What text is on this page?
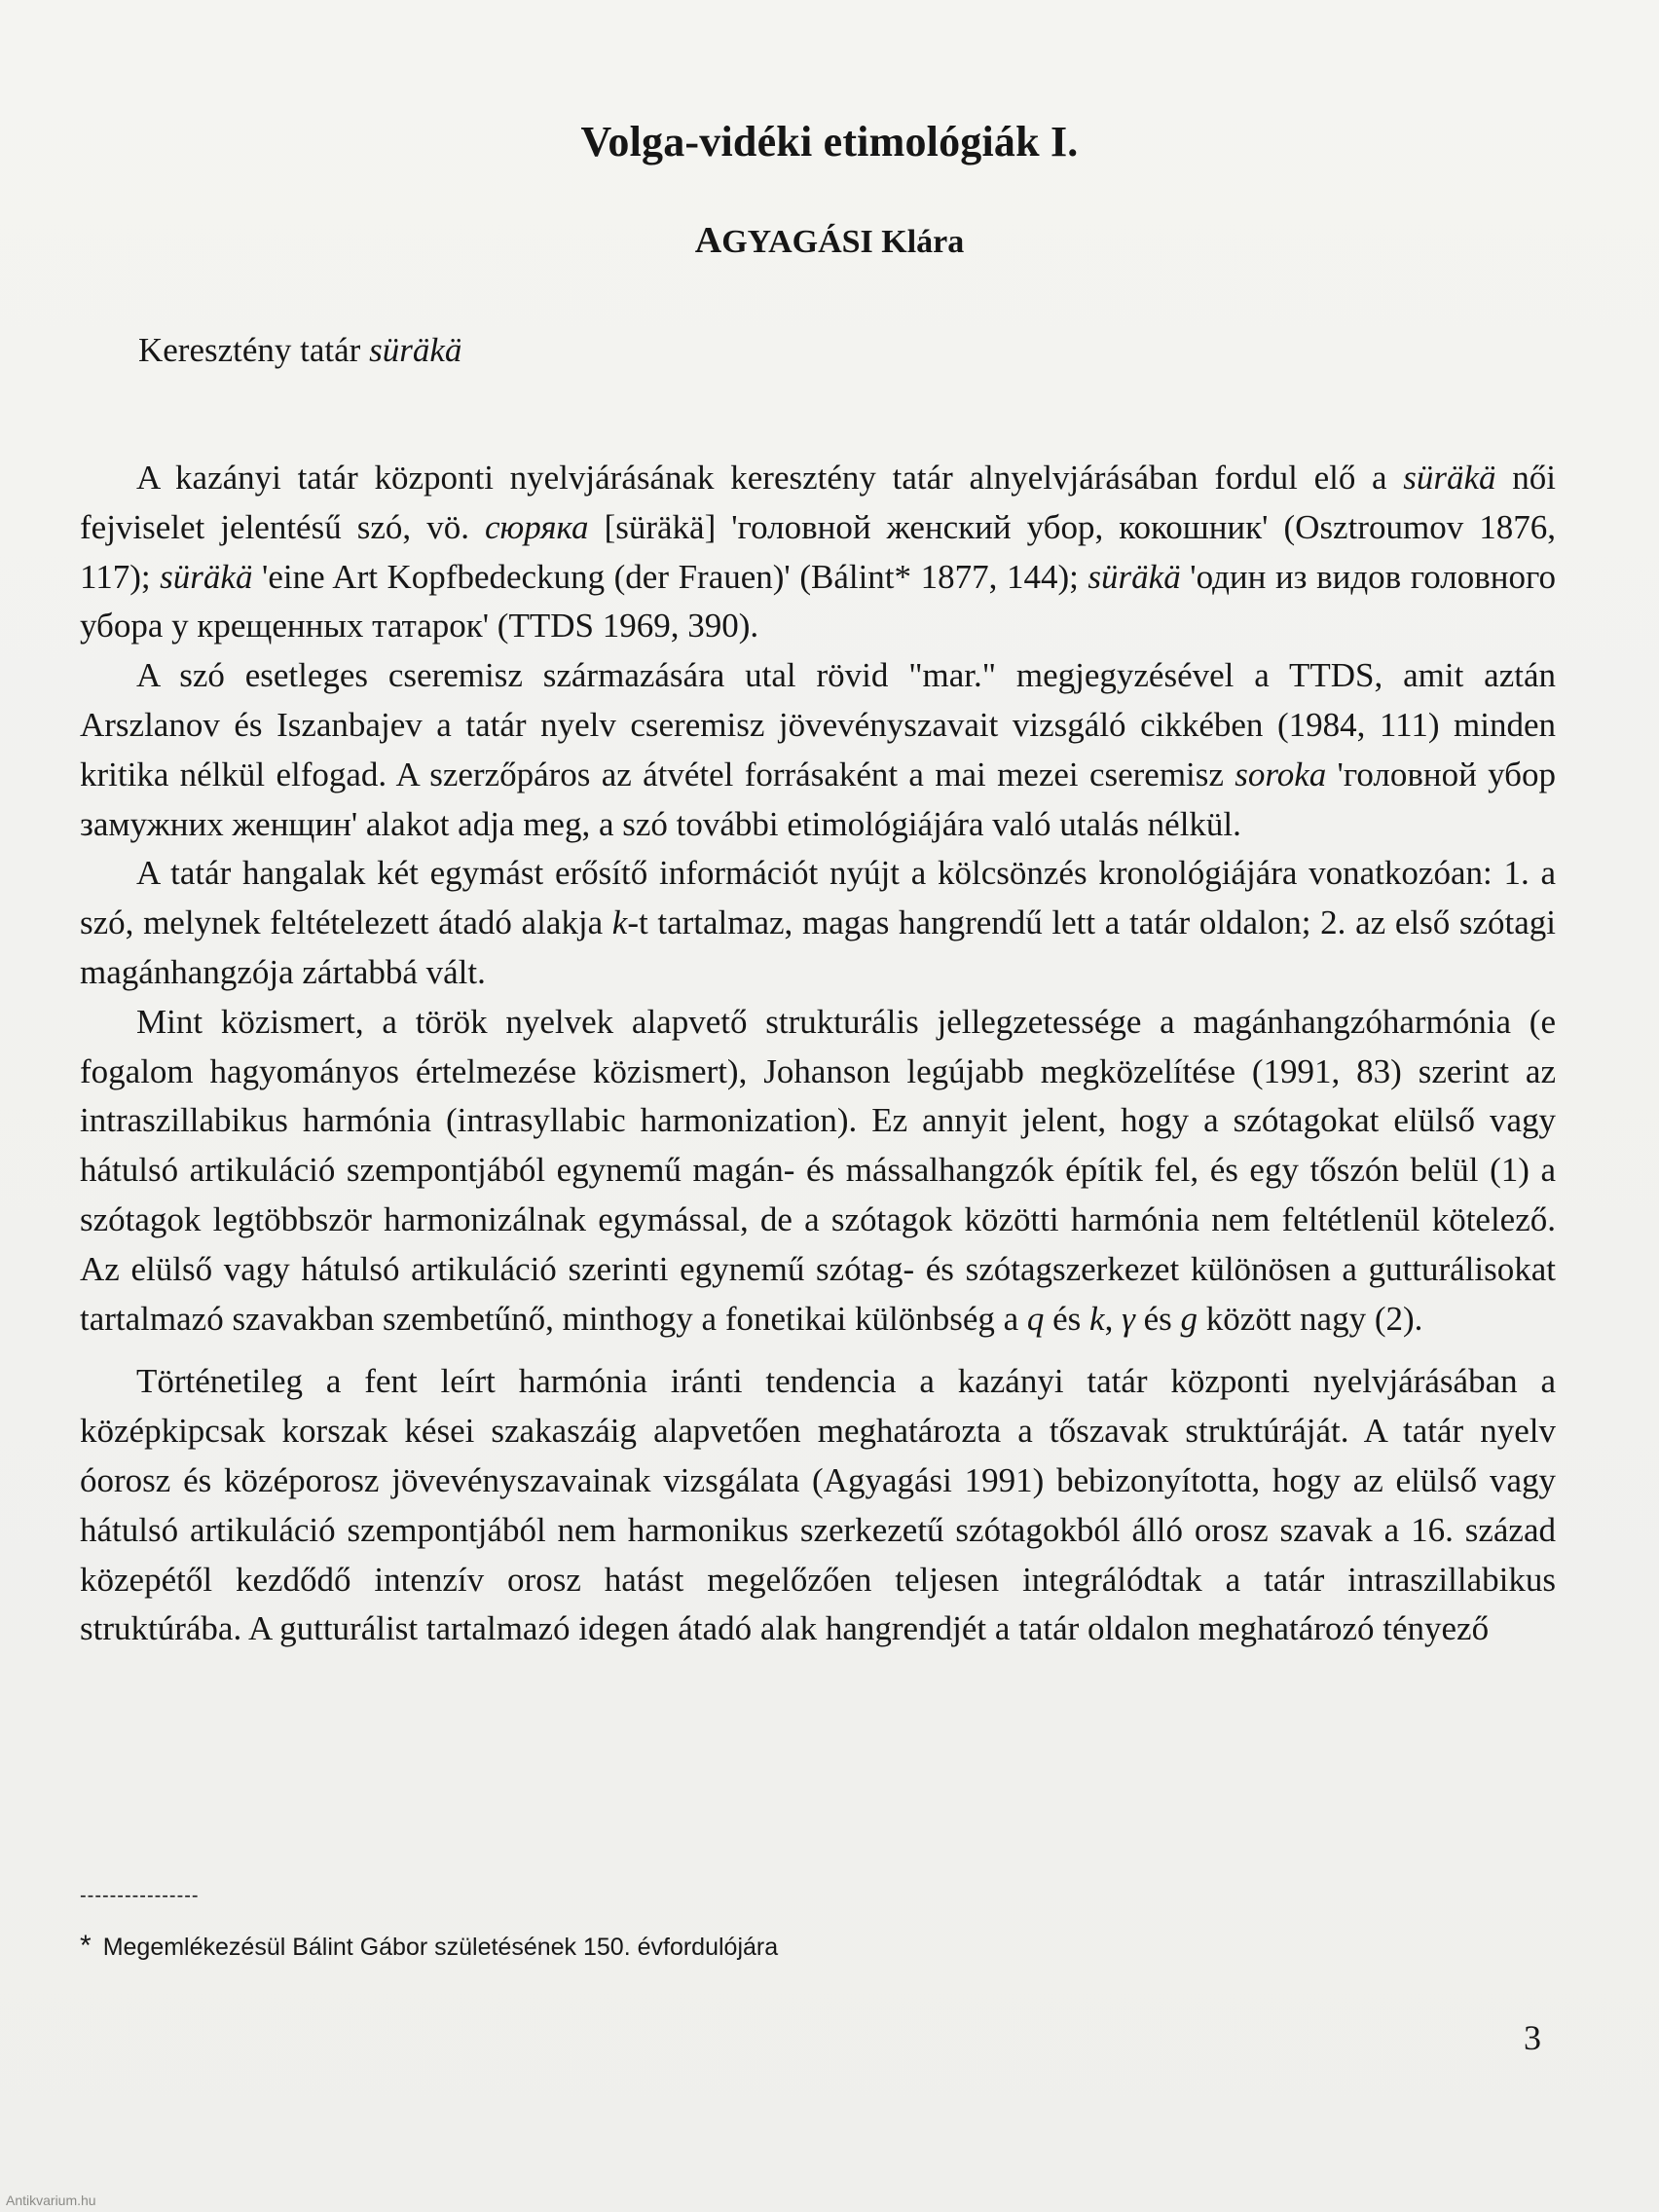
Volga-vidéki etimológiák I.
AGYAGÁSI Klára
Keresztény tatár süräkä

A kazányi tatár központi nyelvjárásának keresztény tatár alnyelvjárásában fordul elő a süräkä női fejviselet jelentésű szó, vö. сюряка [süräkä] 'головной женский убор, кокошник' (Osztroumov 1876, 117); süräkä 'eine Art Kopfbedeckung (der Frauen)' (Bálint* 1877, 144); süräkä 'один из видов головного убора у крещенных татарок' (TTDS 1969, 390).

A szó esetleges cseremisz származására utal rövid "mar." megjegyzésével a TTDS, amit aztán Arszlanov és Iszanbajev a tatár nyelv cseremisz jövevényszavait vizsgáló cikkében (1984, 111) minden kritika nélkül elfogad. A szerzőpáros az átvétel forrásaként a mai mezei cseremisz soroka 'головной убор замужних женщин' alakot adja meg, a szó további etimológiájára való utalás nélkül.

A tatár hangalak két egymást erősítő információt nyújt a kölcsönzés kronológiájára vonatkozóan: 1. a szó, melynek feltételezett átadó alakja k-t tartalmaz, magas hangrendű lett a tatár oldalon; 2. az első szótagi magánhangzója zártabbá vált.

Mint közismert, a török nyelvek alapvető strukturális jellegzetessége a magánhangzóharmónia (e fogalom hagyományos értelmezése közismert), Johanson legújabb megközelítése (1991, 83) szerint az intraszillabikus harmónia (intrasyllabic harmonization). Ez annyit jelent, hogy a szótagokat elülső vagy hátulsó artikuláció szempontjából egynemű magán- és mássalhangzók építik fel, és egy tőszón belül (1) a szótagok legtöbbször harmonizálnak egymással, de a szótagok közötti harmónia nem feltétlenül kötelező. Az elülső vagy hátulsó artikuláció szerinti egynemű szótag- és szótagszerkezet különösen a gutturálisokat tartalmazó szavakban szembetűnő, minthogy a fonetikai különbség a q és k, γ és g között nagy (2).

Történetileg a fent leírt harmónia iránti tendencia a kazányi tatár központi nyelvjárásában a középkipcsak korszak kései szakaszáig alapvetően meghatározta a tőszavak struktúráját. A tatár nyelv óorosz és középorosz jövevényszavainak vizsgálata (Agyagási 1991) bebizonyította, hogy az elülső vagy hátulsó artikuláció szempontjából nem harmonikus szerkezetű szótagokból álló orosz szavak a 16. század közepétől kezdődő intenzív orosz hatást megelőzően teljesen integrálódtak a tatár intraszillabikus struktúrába. A gutturálist tartalmazó idegen átadó alak hangrendjét a tatár oldalon meghatározó tényező

----------------
* Megemlékezésül Bálint Gábor születésének 150. évfordulójára
3
Antikvarium.hu
